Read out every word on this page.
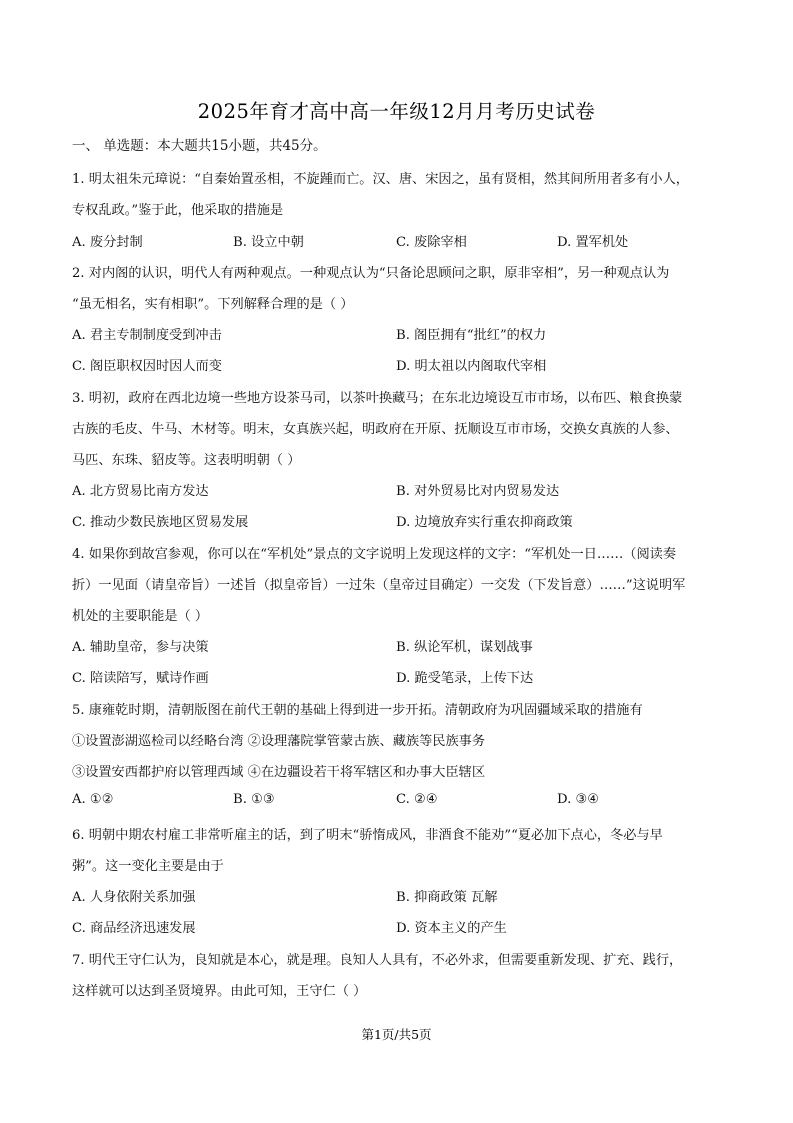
2025年育才高中高一年级12月月考历史试卷
一、 单选题：本大题共15小题，共45分。
1. 明太祖朱元璋说：“自秦始置丞相，不旋踵而亡。汉、唐、宋因之，虽有贤相，然其间所用者多有小人，
专权乱政。”鉴于此，他采取的措施是
A. 废分封制	B. 设立中朝	C. 废除宰相	D. 置军机处
2. 对内阁的认识，明代人有两种观点。一种观点认为“只备论思顾问之职，原非宰相”，另一种观点认为
“虽无相名，实有相职”。下列解释合理的是（ ）
A. 君主专制制度受到冲击	B. 阁臣拥有“批红”的权力
C. 阁臣职权因时因人而变	D. 明太祖以内阁取代宰相
3. 明初，政府在西北边境一些地方设茶马司，以茶叶换藏马；在东北边境设互市市场，以布匹、粮食换蒙
古族的毛皮、牛马、木材等。明末，女真族兴起，明政府在开原、抚顺设互市市场，交换女真族的人参、
马匹、东珠、貂皮等。这表明明朝（ ）
A. 北方贸易比南方发达	B. 对外贸易比对内贸易发达
C. 推动少数民族地区贸易发展	D. 边境放弃实行重农抑商政策
4. 如果你到故宫参观，你可以在“军机处”景点的文字说明上发现这样的文字：“军机处一日……（阅读奏
折）一见面（请皇帝旨）一述旨（拟皇帝旨）一过朱（皇帝过目确定）一交发（下发旨意）……”这说明军
机处的主要职能是（ ）
A. 辅助皇帝，参与决策	B. 纵论军机，谋划战事
C. 陪读陪写，赋诗作画	D. 跪受笔录，上传下达
5. 康雍乾时期，清朝版图在前代王朝的基础上得到进一步开拓。清朝政府为巩固疆域采取的措施有
①设置澎湖巡检司以经略台湾 ②设理藩院掌管蒙古族、藏族等民族事务
③设置安西都护府以管理西域 ④在边疆设若干将军辖区和办事大臣辖区
A. ①②	B. ①③	C. ②④	D. ③④
6. 明朝中期农村雇工非常听雇主的话，到了明末“骄惰成风，非酒食不能劝”“夏必加下点心，冬必与早
粥”。这一变化主要是由于
A. 人身依附关系加强	B. 抑商政策 瓦解
C. 商品经济迅速发展	D. 资本主义的产生
7. 明代王守仁认为，良知就是本心，就是理。良知人人具有，不必外求，但需要重新发现、扩充、践行，
这样就可以达到圣贤境界。由此可知，王守仁（ ）
第1页/共5页
